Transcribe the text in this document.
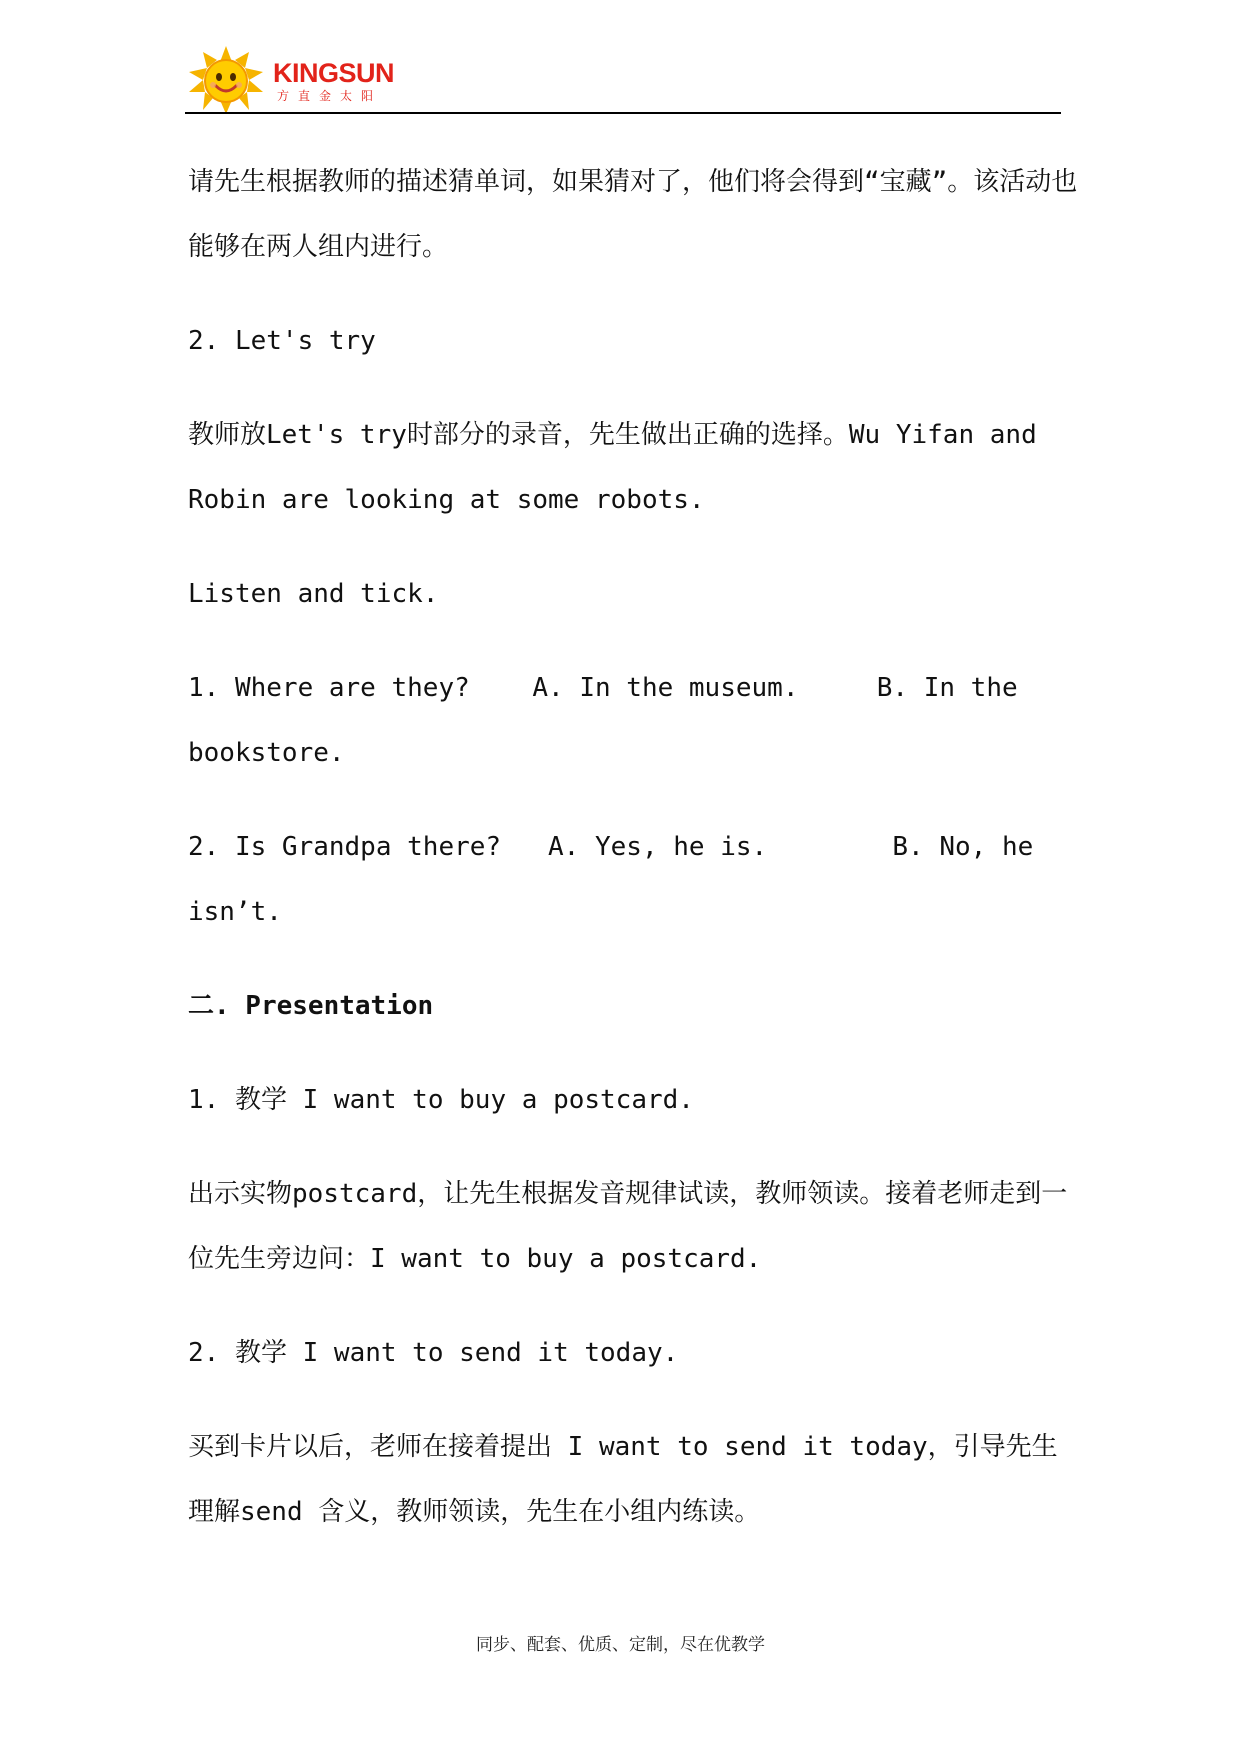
KINGSUN
方直金太阳

请先生根据教师的描述猜单词，如果猜对了，他们将会得到“宝藏”。该活动也能够在两人组内进行。

2. Let's try

教师放Let's try时部分的录音，先生做出正确的选择。Wu Yifan and Robin are looking at some robots.

Listen and tick.

1. Where are they?    A. In the museum.     B. In the bookstore.

2. Is Grandpa there?   A. Yes, he is.        B. No, he isn’t.

二. Presentation

1. 教学 I want to buy a postcard.

出示实物postcard，让先生根据发音规律试读，教师领读。接着老师走到一位先生旁边问：I want to buy a postcard.

2. 教学 I want to send it today.

买到卡片以后，老师在接着提出 I want to send it today，引导先生理解send 含义，教师领读，先生在小组内练读。

同步、配套、优质、定制，尽在优教学
